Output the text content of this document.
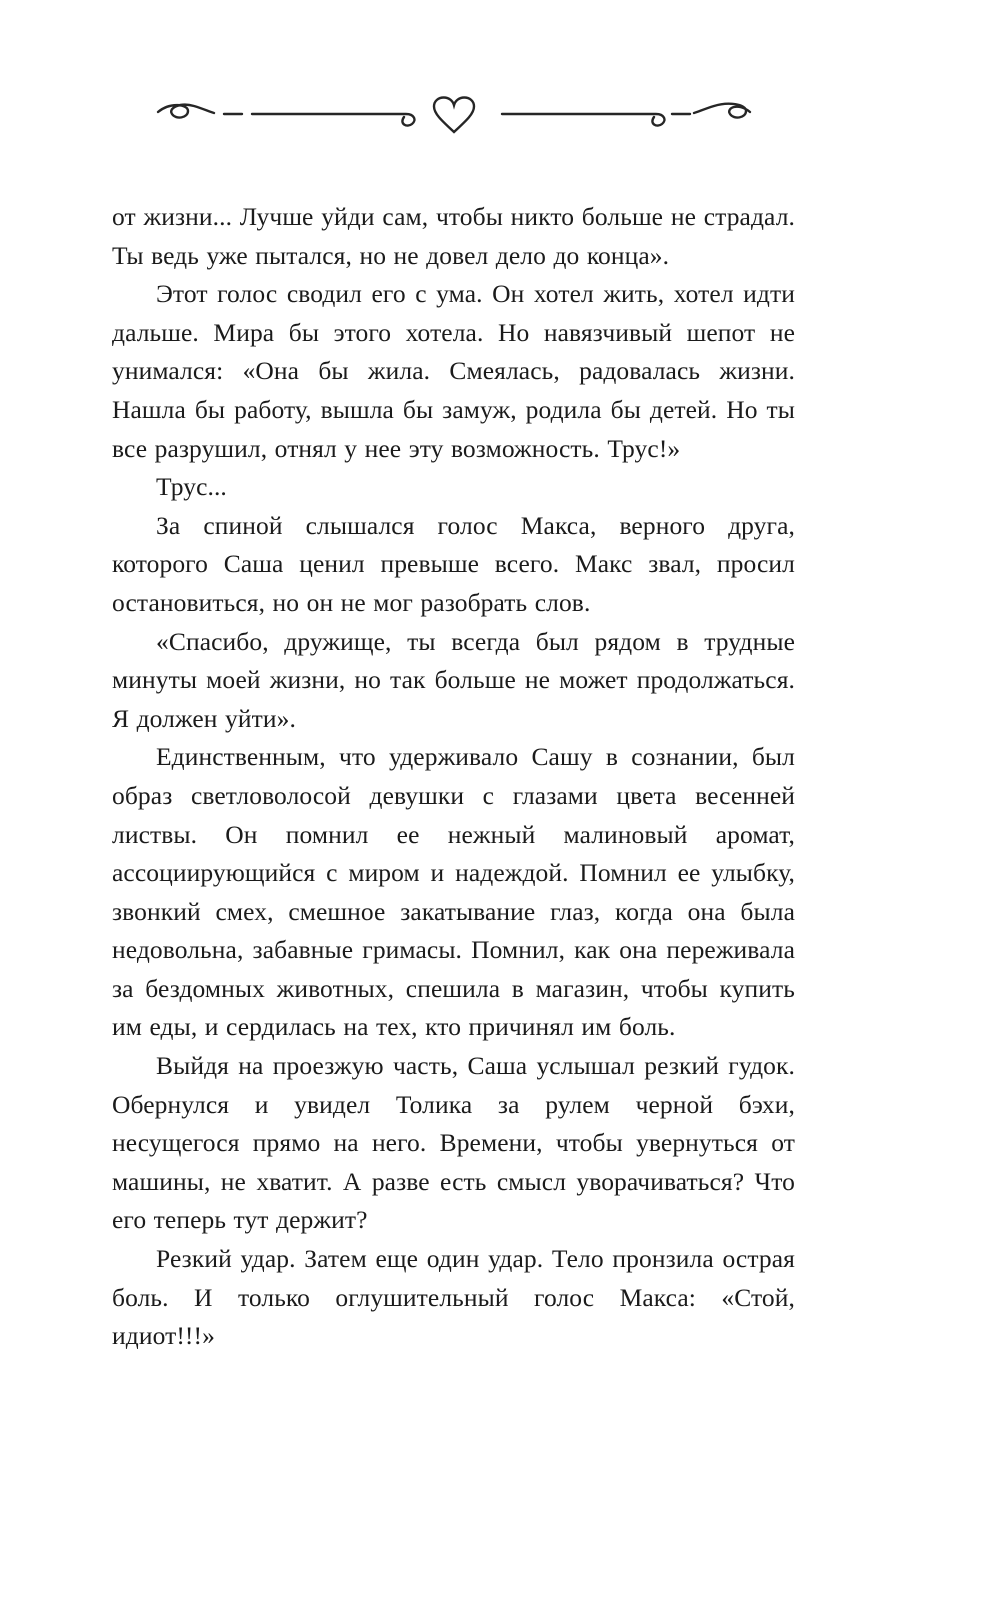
от жизни... Лучше уйди сам, чтобы никто больше не страдал. Ты ведь уже пытался, но не довел дело до конца».

Этот голос сводил его с ума. Он хотел жить, хотел идти дальше. Мира бы этого хотела. Но навязчивый шепот не унимался: «Она бы жила. Смеялась, радовалась жизни. Нашла бы работу, вышла бы замуж, родила бы детей. Но ты все разрушил, отнял у нее эту возможность. Трус!»

Трус...

За спиной слышался голос Макса, верного друга, которого Саша ценил превыше всего. Макс звал, просил остановиться, но он не мог разобрать слов.

«Спасибо, дружище, ты всегда был рядом в трудные минуты моей жизни, но так больше не может продолжаться. Я должен уйти».

Единственным, что удерживало Сашу в сознании, был образ светловолосой девушки с глазами цвета весенней листвы. Он помнил ее нежный малиновый аромат, ассоциирующийся с миром и надеждой. Помнил ее улыбку, звонкий смех, смешное закатывание глаз, когда она была недовольна, забавные гримасы. Помнил, как она переживала за бездомных животных, спешила в магазин, чтобы купить им еды, и сердилась на тех, кто причинял им боль.

Выйдя на проезжую часть, Саша услышал резкий гудок. Обернулся и увидел Толика за рулем черной бэхи, несущегося прямо на него. Времени, чтобы увернуться от машины, не хватит. А разве есть смысл уворачиваться? Что его теперь тут держит?

Резкий удар. Затем еще один удар. Тело пронзила острая боль. И только оглушительный голос Макса: «Стой, идиот!!!»
